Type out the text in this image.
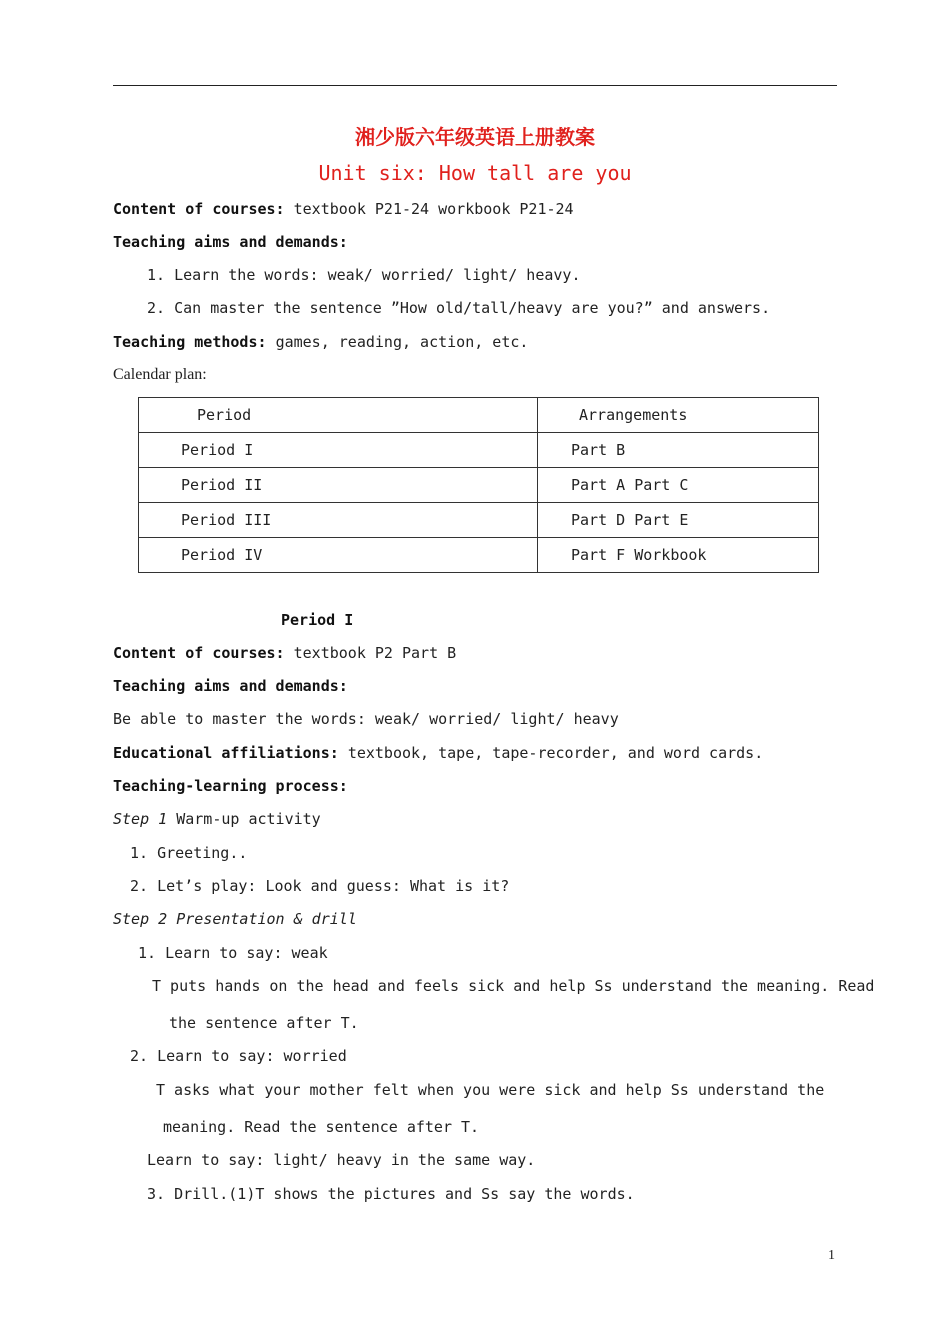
湘少版六年级英语上册教案
Unit six: How tall are you
Content of courses: textbook P21-24 workbook P21-24
Teaching aims and demands:
1. Learn the words: weak/ worried/ light/ heavy.
2. Can master the sentence ”How old/tall/heavy are you?” and answers.
Teaching methods: games, reading, action, etc.
Calendar plan:
Period	Arrangements
Period I	Part B
Period II	Part A Part C
Period III	Part D Part E
Period IV	Part F Workbook
Period I
Content of courses: textbook P2 Part B
Teaching aims and demands:
Be able to master the words: weak/ worried/ light/ heavy
Educational affiliations: textbook, tape, tape-recorder, and word cards.
Teaching-learning process:
Step 1 Warm-up activity
1. Greeting..
2. Let’s play: Look and guess: What is it?
Step 2 Presentation & drill
1. Learn to say: weak
T puts hands on the head and feels sick and help Ss understand the meaning. Read
the sentence after T.
2. Learn to say: worried
T asks what your mother felt when you were sick and help Ss understand the
meaning. Read the sentence after T.
Learn to say: light/ heavy in the same way.
3. Drill.(1)T shows the pictures and Ss say the words.
1
